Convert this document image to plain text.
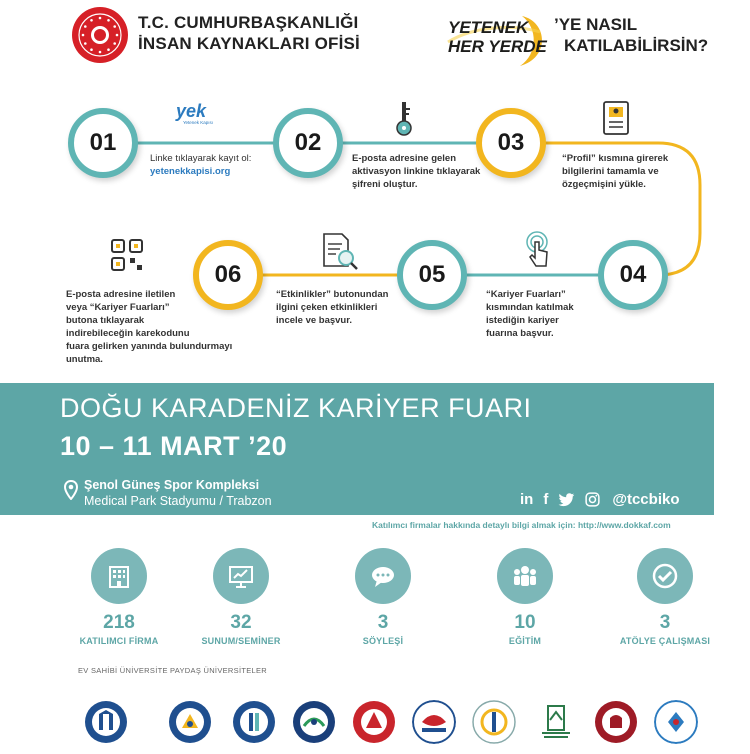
T.C. CUMHURBAŞKANLIĞI
İNSAN KAYNAKLARI OFİSİ
YETENEK
HER YERDE
’YE NASIL
KATILABİLİRSİN?
01	02	03
04
05
06
yek
Yetenek Kapısı
Linke tıklayarak kayıt ol:
yetenekkapisi.org
E-posta adresine gelen
aktivasyon linkine tıklayarak
şifreni oluştur.
“Profil” kısmına girerek
bilgilerini tamamla ve
özgeçmişini yükle.
“Kariyer Fuarları”
kısmından katılmak
istediğin kariyer
fuarına başvur.
“Etkinlikler” butonundan
ilgini çeken etkinlikleri
incele ve başvur.
E-posta adresine iletilen
veya “Kariyer Fuarları”
butona tıklayarak
indirebileceğin karekodunu
fuara gelirken yanında bulundurmayı
unutma.
DOĞU KARADENİZ KARİYER FUARI
10 – 11 MART ’20
Şenol Güneş Spor Kompleksi
Medical Park Stadyumu / Trabzon	in f	@tccbiko
Katılımcı firmalar hakkında detaylı bilgi almak için: http://www.dokkaf.com
218
KATILIMCI FİRMA
32
SUNUM/SEMİNER
3
SÖYLEŞİ
10
EĞİTİM
3
ATÖLYE ÇALIŞMASI
EV SAHİBİ ÜNİVERSİTE PAYDAŞ ÜNİVERSİTELER
